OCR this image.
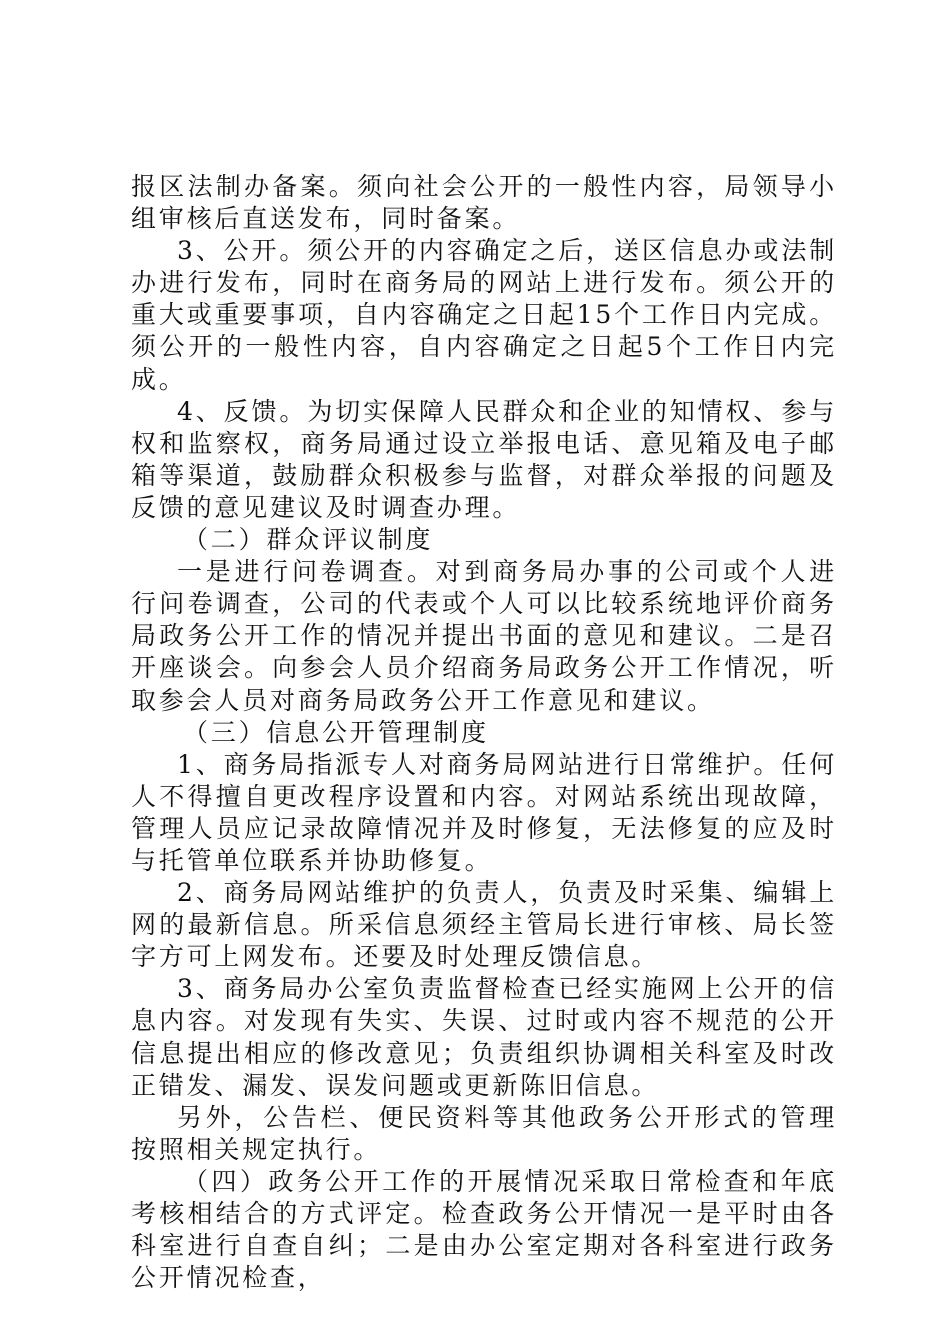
报区法制办备案。须向社会公开的一般性内容，局领导小组审核后直送发布，同时备案。

3、公开。须公开的内容确定之后，送区信息办或法制办进行发布，同时在商务局的网站上进行发布。须公开的重大或重要事项，自内容确定之日起15个工作日内完成。须公开的一般性内容，自内容确定之日起5个工作日内完成。

4、反馈。为切实保障人民群众和企业的知情权、参与权和监察权，商务局通过设立举报电话、意见箱及电子邮箱等渠道，鼓励群众积极参与监督，对群众举报的问题及反馈的意见建议及时调查办理。

（二）群众评议制度

一是进行问卷调查。对到商务局办事的公司或个人进行问卷调查，公司的代表或个人可以比较系统地评价商务局政务公开工作的情况并提出书面的意见和建议。二是召开座谈会。向参会人员介绍商务局政务公开工作情况，听取参会人员对商务局政务公开工作意见和建议。

（三）信息公开管理制度

1、商务局指派专人对商务局网站进行日常维护。任何人不得擅自更改程序设置和内容。对网站系统出现故障，管理人员应记录故障情况并及时修复，无法修复的应及时与托管单位联系并协助修复。

2、商务局网站维护的负责人，负责及时采集、编辑上网的最新信息。所采信息须经主管局长进行审核、局长签字方可上网发布。还要及时处理反馈信息。

3、商务局办公室负责监督检查已经实施网上公开的信息内容。对发现有失实、失误、过时或内容不规范的公开信息提出相应的修改意见；负责组织协调相关科室及时改正错发、漏发、误发问题或更新陈旧信息。

另外，公告栏、便民资料等其他政务公开形式的管理按照相关规定执行。

（四）政务公开工作的开展情况采取日常检查和年底考核相结合的方式评定。检查政务公开情况一是平时由各科室进行自查自纠；二是由办公室定期对各科室进行政务公开情况检查，
